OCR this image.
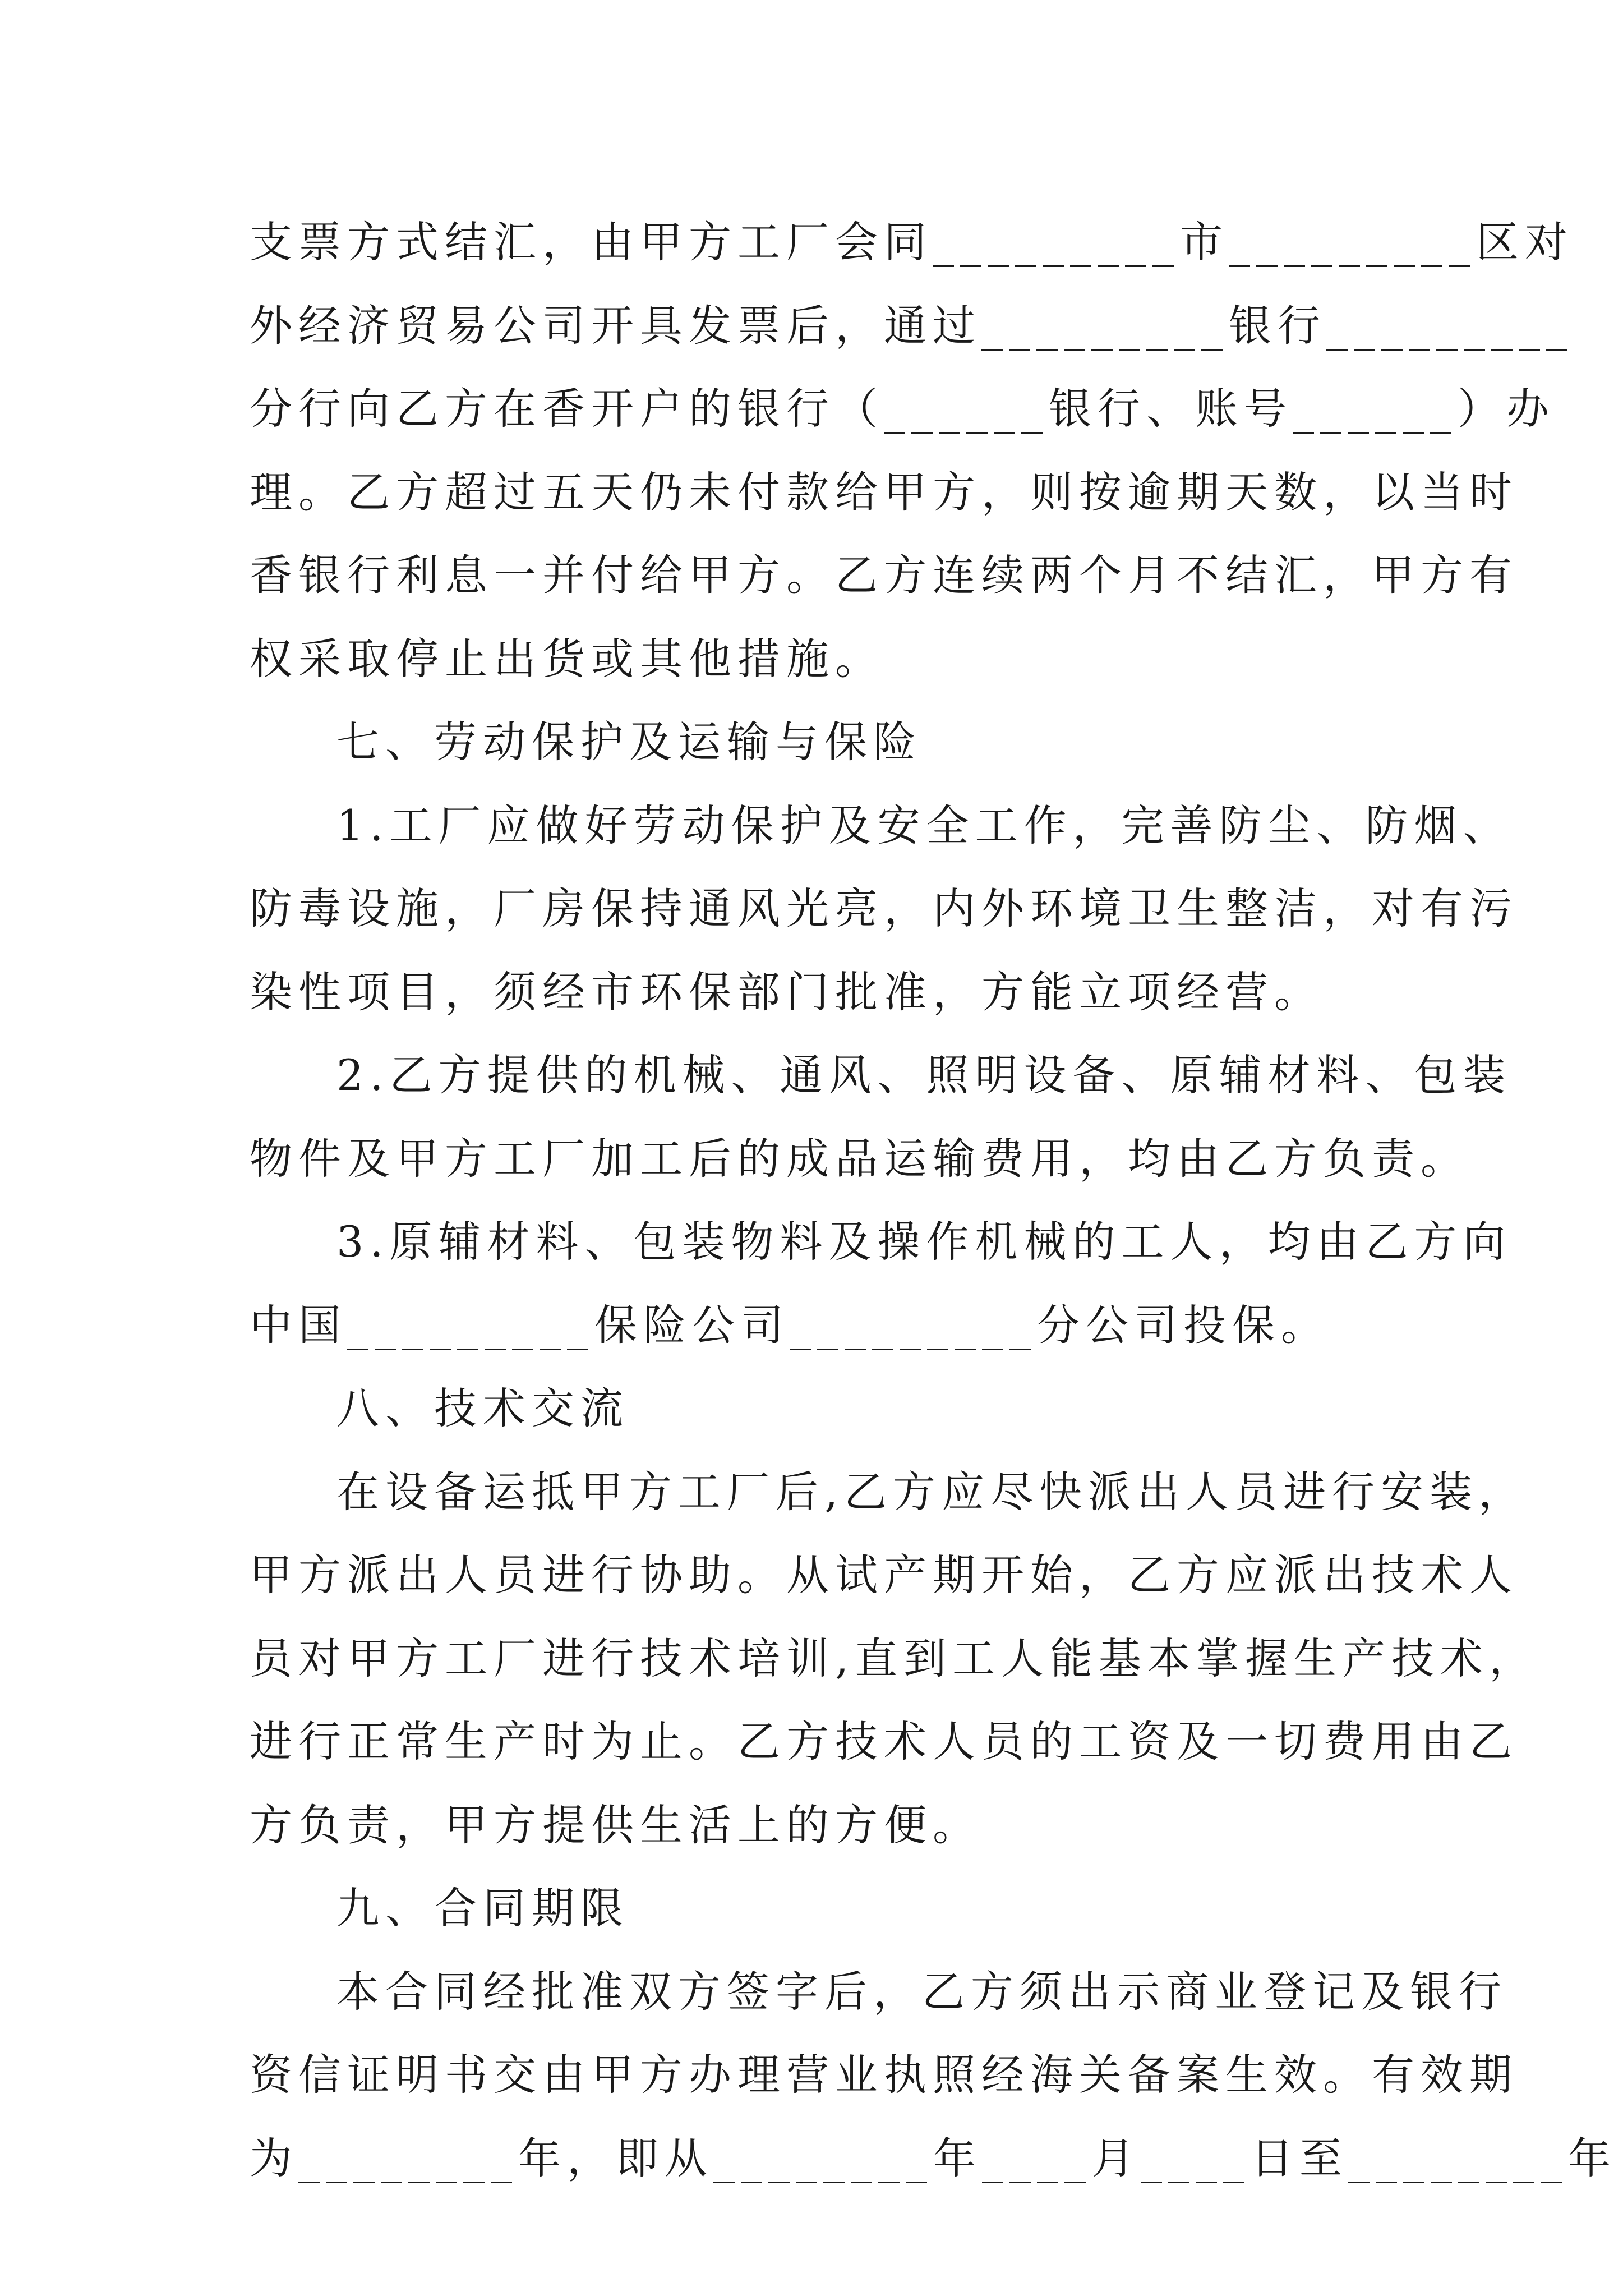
支票方式结汇，由甲方工厂会同_________市_________区对
外经济贸易公司开具发票后，通过_________银行_________
分行向乙方在香开户的银行（______银行、账号______）办
理。乙方超过五天仍未付款给甲方，则按逾期天数，以当时
香银行利息一并付给甲方。乙方连续两个月不结汇，甲方有
权采取停止出货或其他措施。
七、劳动保护及运输与保险
1.工厂应做好劳动保护及安全工作，完善防尘、防烟、
防毒设施，厂房保持通风光亮，内外环境卫生整洁，对有污
染性项目，须经市环保部门批准，方能立项经营。
2.乙方提供的机械、通风、照明设备、原辅材料、包装
物件及甲方工厂加工后的成品运输费用，均由乙方负责。
3.原辅材料、包装物料及操作机械的工人，均由乙方向
中国_________保险公司_________分公司投保。
八、技术交流
在设备运抵甲方工厂后,乙方应尽快派出人员进行安装，
甲方派出人员进行协助。从试产期开始，乙方应派出技术人
员对甲方工厂进行技术培训,直到工人能基本掌握生产技术，
进行正常生产时为止。乙方技术人员的工资及一切费用由乙
方负责，甲方提供生活上的方便。
九、合同期限
本合同经批准双方签字后，乙方须出示商业登记及银行
资信证明书交由甲方办理营业执照经海关备案生效。有效期
为________年，即从________年____月____日至________年
